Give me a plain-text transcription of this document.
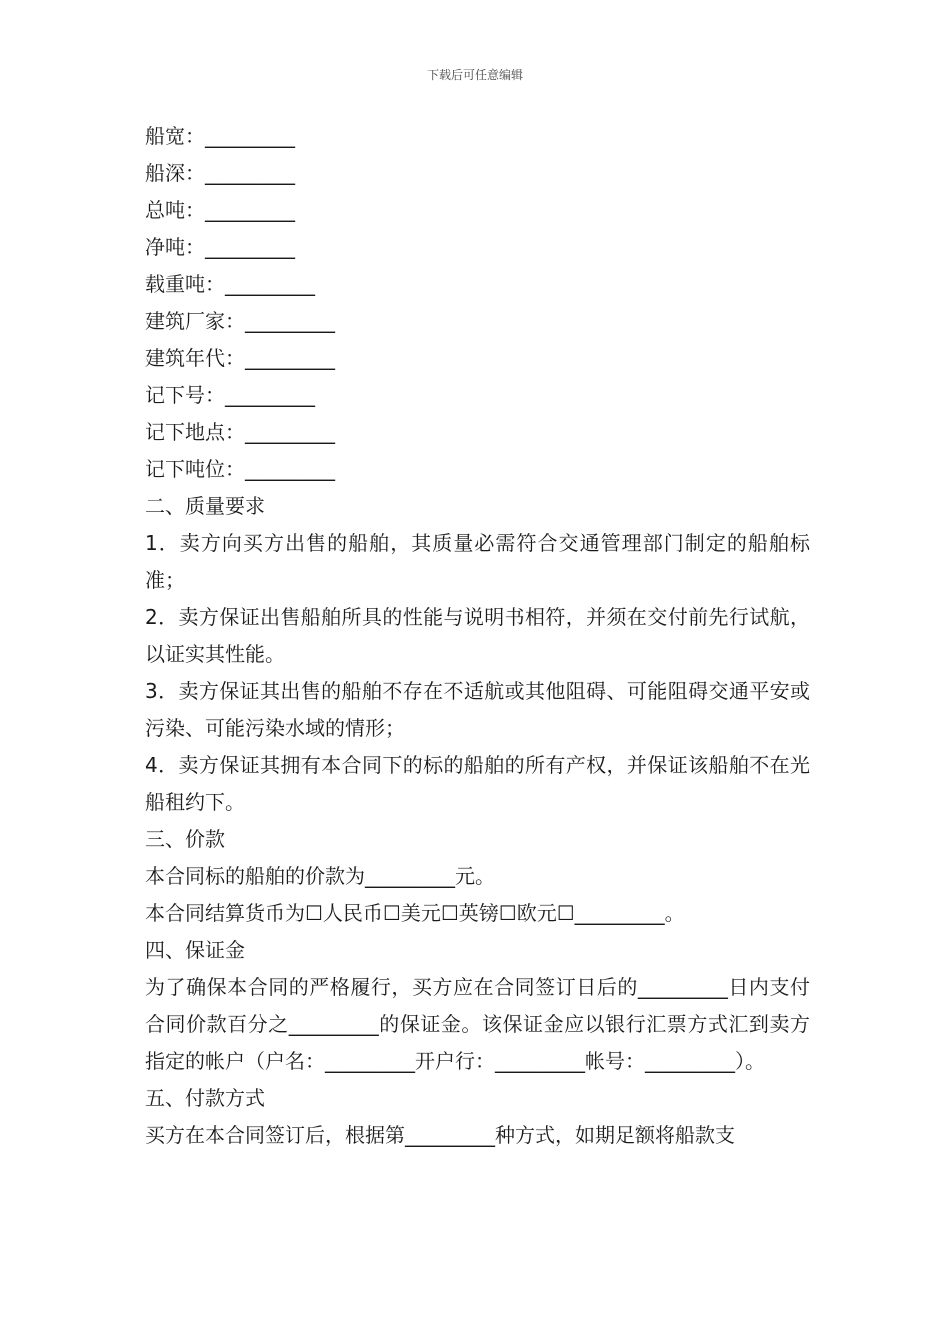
下载后可任意编辑
船宽：_________
船深：_________
总吨：_________
净吨：_________
载重吨：_________
建筑厂家：_________
建筑年代：_________
记下号：_________
记下地点：_________
记下吨位：_________
二、质量要求
1．卖方向买方出售的船舶，其质量必需符合交通管理部门制定的船舶标准；
2．卖方保证出售船舶所具的性能与说明书相符，并须在交付前先行试航，以证实其性能。
3．卖方保证其出售的船舶不存在不适航或其他阻碍、可能阻碍交通平安或污染、可能污染水域的情形；
4．卖方保证其拥有本合同下的标的船舶的所有产权，并保证该船舶不在光船租约下。
三、价款
本合同标的船舶的价款为_________元。
本合同结算货币为☐人民币☐美元☐英镑☐欧元☐_________。
四、保证金
为了确保本合同的严格履行，买方应在合同签订日后的_________日内支付合同价款百分之_________的保证金。该保证金应以银行汇票方式汇到卖方指定的帐户（户名：_________开户行：_________帐号：_________）。
五、付款方式
买方在本合同签订后，根据第_________种方式，如期足额将船款支
